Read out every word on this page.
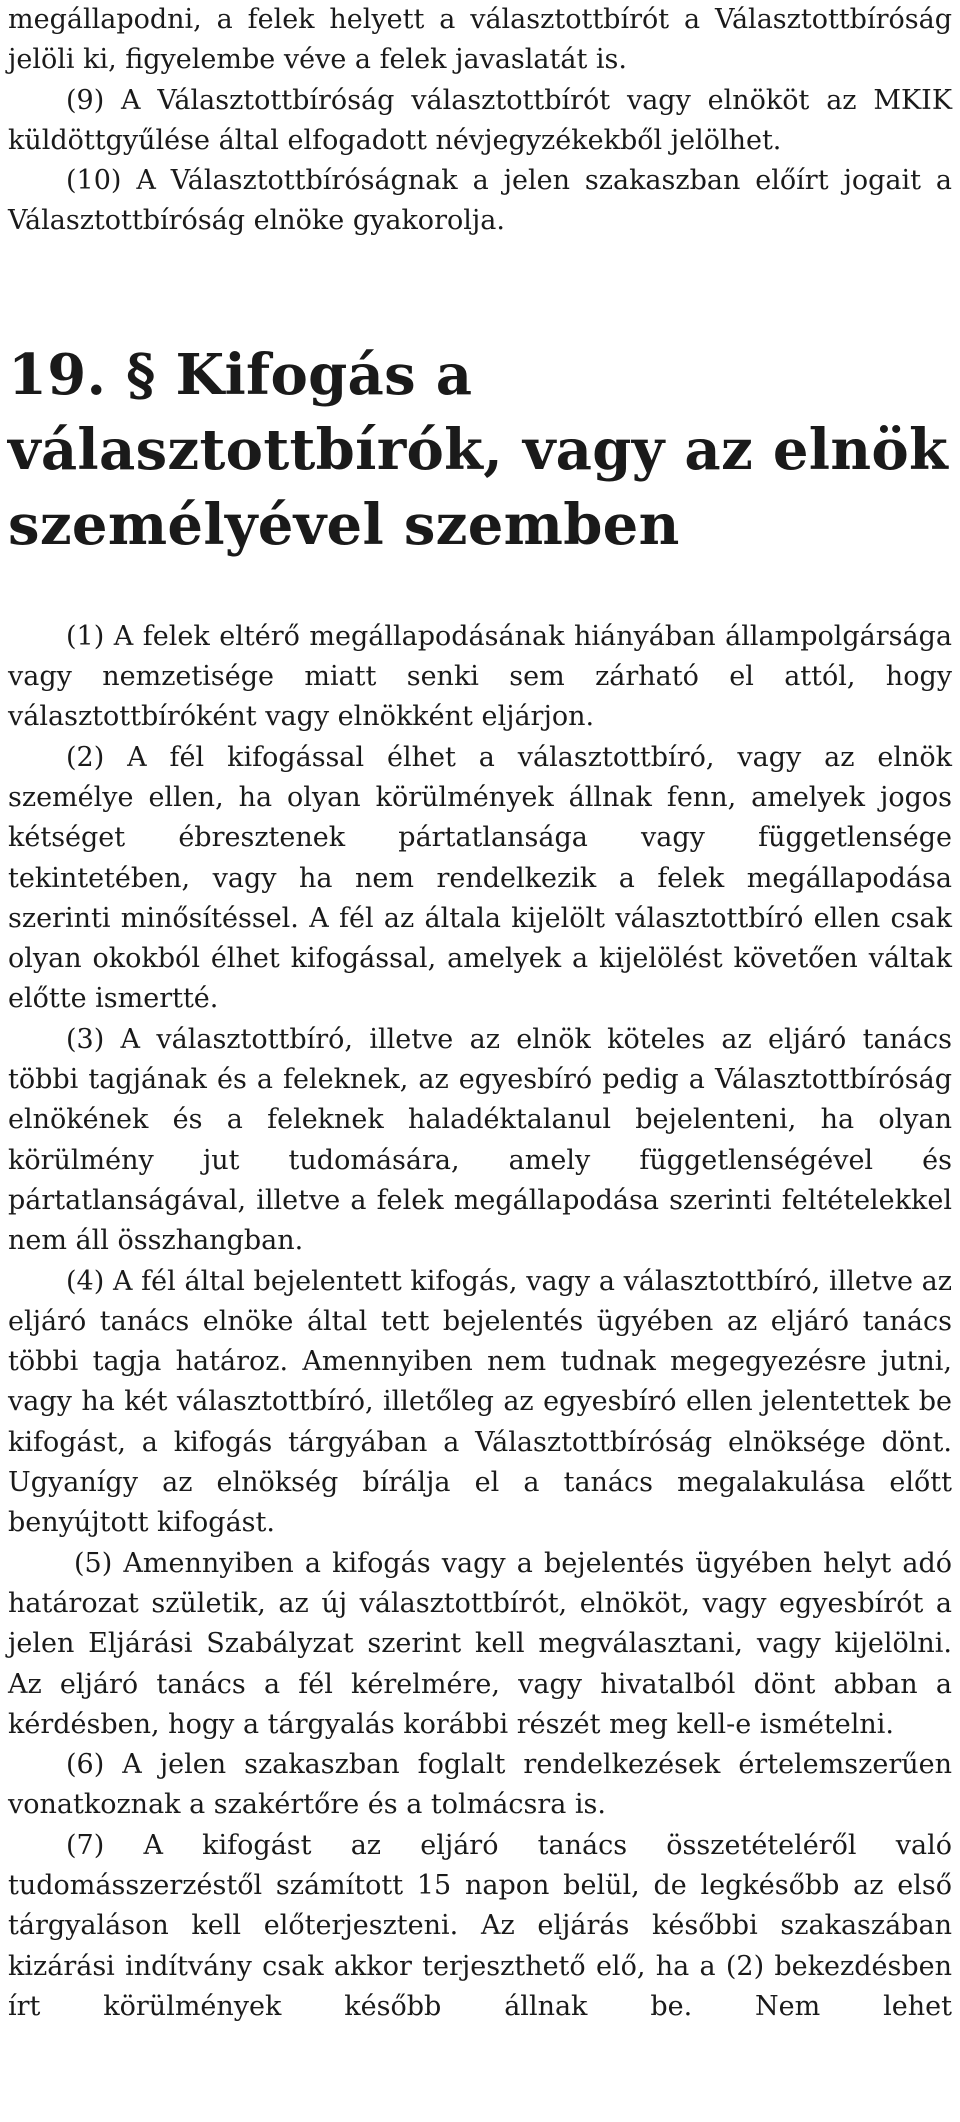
megállapodni, a felek helyett a választottbírót a Választottbíróság jelöli ki, figyelembe véve a felek javaslatát is.

(9) A Választottbíróság választottbírót vagy elnököt az MKIK küldöttgyűlése által elfogadott névjegyzékekből jelölhet.

(10) A Választottbíróságnak a jelen szakaszban előírt jogait a Választottbíróság elnöke gyakorolja.

19. § Kifogás a választottbírók, vagy az elnök személyével szemben

(1) A felek eltérő megállapodásának hiányában állampolgársága vagy nemzetisége miatt senki sem zárható el attól, hogy választottbíróként vagy elnökként eljárjon.

(2) A fél kifogással élhet a választottbíró, vagy az elnök személye ellen, ha olyan körülmények állnak fenn, amelyek jogos kétséget ébresztenek pártatlansága vagy függetlensége tekintetében, vagy ha nem rendelkezik a felek megállapodása szerinti minősítéssel. A fél az általa kijelölt választottbíró ellen csak olyan okokból élhet kifogással, amelyek a kijelölést követően váltak előtte ismertté.

(3) A választottbíró, illetve az elnök köteles az eljáró tanács többi tagjának és a feleknek, az egyesbíró pedig a Választottbíróság elnökének és a feleknek haladéktalanul bejelenteni, ha olyan körülmény jut tudomására, amely függetlenségével és pártatlanságával, illetve a felek megállapodása szerinti feltételekkel nem áll összhangban.

(4) A fél által bejelentett kifogás, vagy a választottbíró, illetve az eljáró tanács elnöke által tett bejelentés ügyében az eljáró tanács többi tagja határoz. Amennyiben nem tudnak megegyezésre jutni, vagy ha két választottbíró, illetőleg az egyesbíró ellen jelentettek be kifogást, a kifogás tárgyában a Választottbíróság elnöksége dönt. Ugyanígy az elnökség bírálja el a tanács megalakulása előtt benyújtott kifogást.

(5) Amennyiben a kifogás vagy a bejelentés ügyében helyt adó határozat születik, az új választottbírót, elnököt, vagy egyesbírót a jelen Eljárási Szabályzat szerint kell megválasztani, vagy kijelölni. Az eljáró tanács a fél kérelmére, vagy hivatalból dönt abban a kérdésben, hogy a tárgyalás korábbi részét meg kell-e ismételni.

(6) A jelen szakaszban foglalt rendelkezések értelemszerűen vonatkoznak a szakértőre és a tolmácsra is.

(7) A kifogást az eljáró tanács összetételéről való tudomásszerzéstől számított 15 napon belül, de legkésőbb az első tárgyaláson kell előterjeszteni. Az eljárás későbbi szakaszában kizárási indítvány csak akkor terjeszthető elő, ha a (2) bekezdésben írt körülmények később állnak be. Nem lehet
